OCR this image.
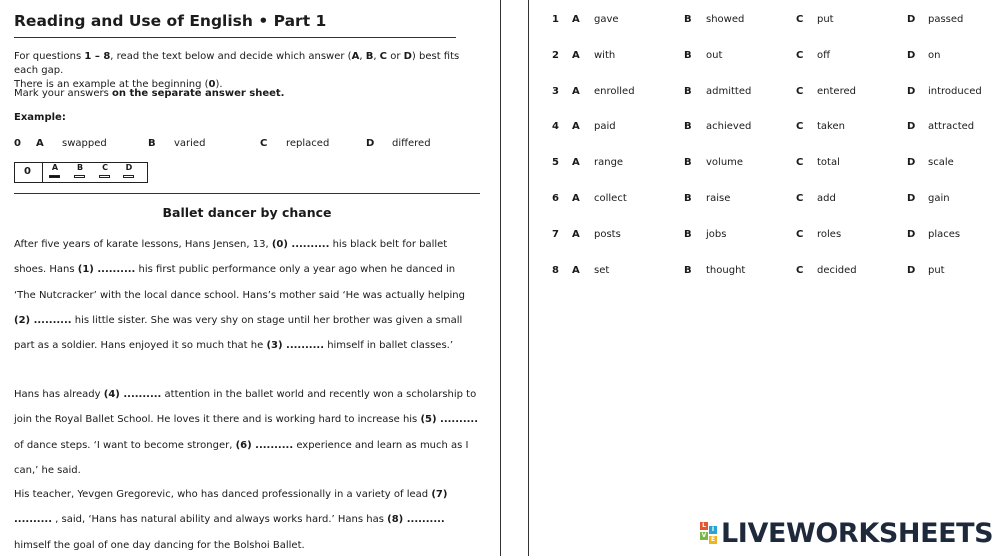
Reading and Use of English • Part 1
For questions 1 – 8, read the text below and decide which answer (A, B, C or D) best fits each gap.
There is an example at the beginning (0).
Mark your answers on the separate answer sheet.
Example:
0 A swapped	B varied	C replaced	D differed
0	A	B	C	D
Ballet dancer by chance
After five years of karate lessons, Hans Jensen, 13, (0) .......... his black belt for ballet shoes. Hans (1) .......... his first public performance only a year ago when he danced in ‘The Nutcracker’ with the local dance school. Hans’s mother said ‘He was actually helping (2) .......... his little sister. She was very shy on stage until her brother was given a small part as a soldier. Hans enjoyed it so much that he (3) .......... himself in ballet classes.’
Hans has already (4) .......... attention in the ballet world and recently won a scholarship to join the Royal Ballet School. He loves it there and is working hard to increase his (5) .......... of dance steps. ‘I want to become stronger, (6) .......... experience and learn as much as I can,’ he said.
His teacher, Yevgen Gregorevic, who has danced professionally in a variety of lead (7) .......... , said, ‘Hans has natural ability and always works hard.’ Hans has (8) .......... himself the goal of one day dancing for the Bolshoi Ballet.
1 A gave	B showed	C put	D passed
2 A with	B out	C off	D on
3 A enrolled	B admitted	C entered	D introduced
4 A paid	B achieved	C taken	D attracted
5 A range	B volume	C total	D scale
6 A collect	B raise	C add	D gain
7 A posts	B jobs	C roles	D places
8 A set	B thought	C decided	D put
L
I
V
E LIVEWORKSHEETS
